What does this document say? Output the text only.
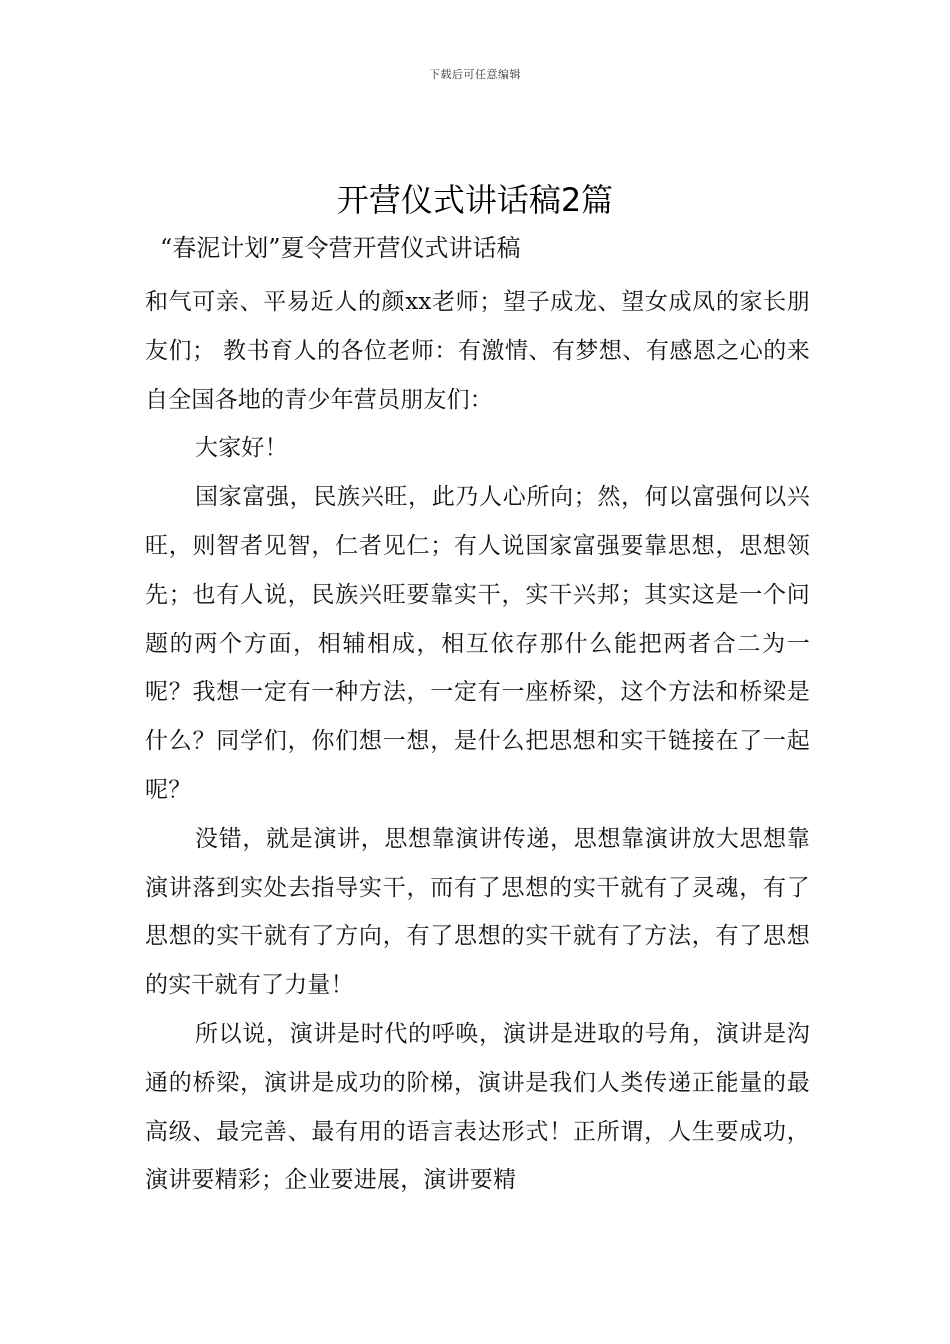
下载后可任意编辑
开营仪式讲话稿2篇

“春泥计划”夏令营开营仪式讲话稿

和气可亲、平易近人的颜xx老师；望子成龙、望女成凤的家长朋友们； 教书育人的各位老师：有激情、有梦想、有感恩之心的来自全国各地的青少年营员朋友们：

大家好！

国家富强，民族兴旺，此乃人心所向；然，何以富强何以兴旺，则智者见智，仁者见仁；有人说国家富强要靠思想，思想领先；也有人说，民族兴旺要靠实干，实干兴邦；其实这是一个问题的两个方面，相辅相成，相互依存那什么能把两者合二为一呢？我想一定有一种方法，一定有一座桥梁，这个方法和桥梁是什么？同学们，你们想一想，是什么把思想和实干链接在了一起呢？

没错，就是演讲，思想靠演讲传递，思想靠演讲放大思想靠演讲落到实处去指导实干，而有了思想的实干就有了灵魂，有了思想的实干就有了方向，有了思想的实干就有了方法，有了思想的实干就有了力量！

所以说，演讲是时代的呼唤，演讲是进取的号角，演讲是沟通的桥梁，演讲是成功的阶梯，演讲是我们人类传递正能量的最高级、最完善、最有用的语言表达形式！正所谓，人生要成功，演讲要精彩；企业要进展，演讲要精
